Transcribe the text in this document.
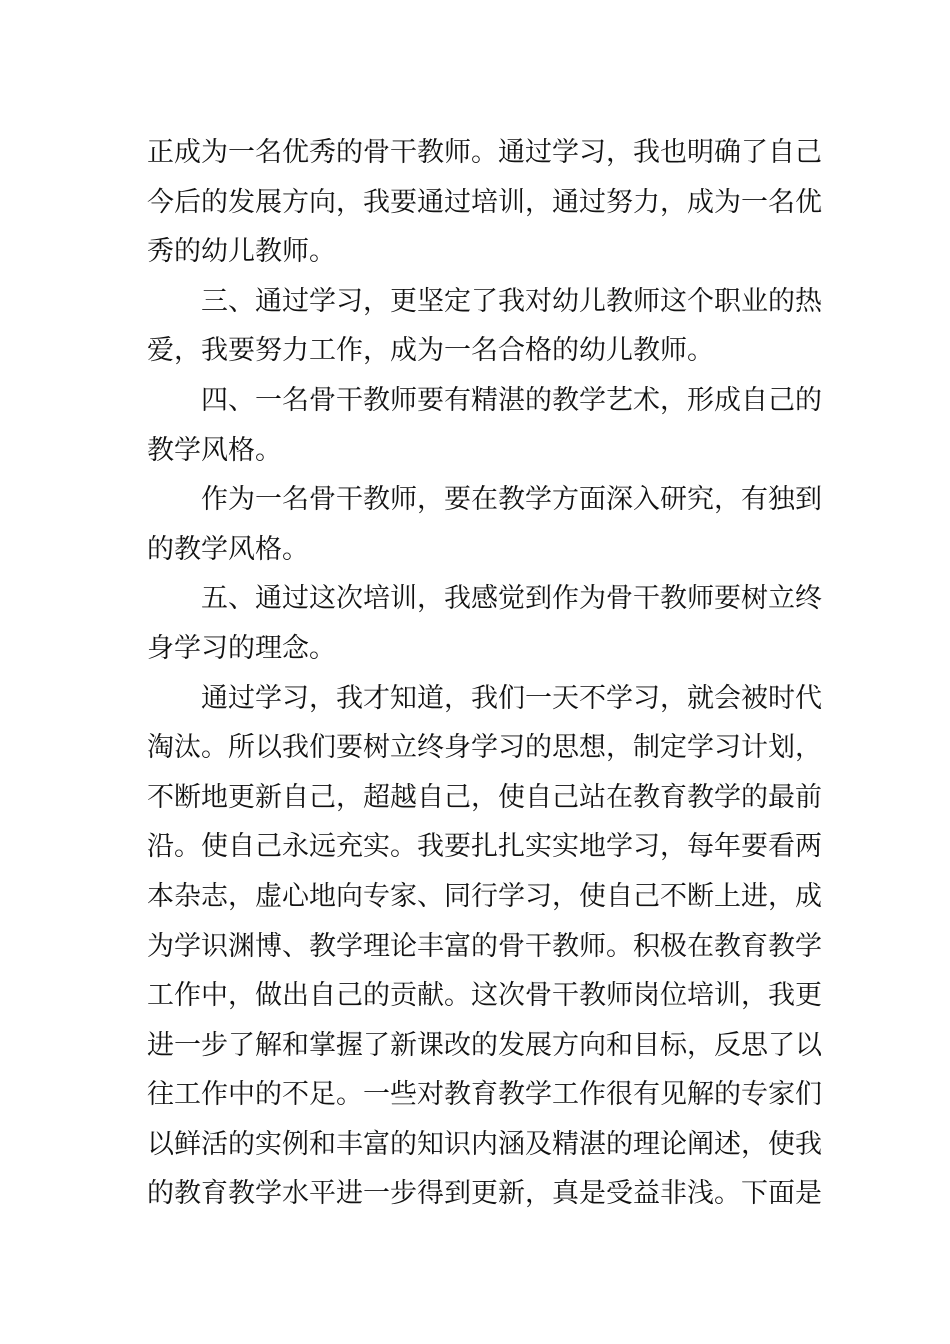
正成为一名优秀的骨干教师。通过学习，我也明确了自己
今后的发展方向，我要通过培训，通过努力，成为一名优
秀的幼儿教师。
三、通过学习，更坚定了我对幼儿教师这个职业的热
爱，我要努力工作，成为一名合格的幼儿教师。
四、一名骨干教师要有精湛的教学艺术，形成自己的
教学风格。
作为一名骨干教师，要在教学方面深入研究，有独到
的教学风格。
五、通过这次培训，我感觉到作为骨干教师要树立终
身学习的理念。
通过学习，我才知道，我们一天不学习，就会被时代
淘汰。所以我们要树立终身学习的思想，制定学习计划，
不断地更新自己，超越自己，使自己站在教育教学的最前
沿。使自己永远充实。我要扎扎实实地学习，每年要看两
本杂志，虚心地向专家、同行学习，使自己不断上进，成
为学识渊博、教学理论丰富的骨干教师。积极在教育教学
工作中，做出自己的贡献。这次骨干教师岗位培训，我更
进一步了解和掌握了新课改的发展方向和目标，反思了以
往工作中的不足。一些对教育教学工作很有见解的专家们
以鲜活的实例和丰富的知识内涵及精湛的理论阐述，使我
的教育教学水平进一步得到更新，真是受益非浅。下面是
